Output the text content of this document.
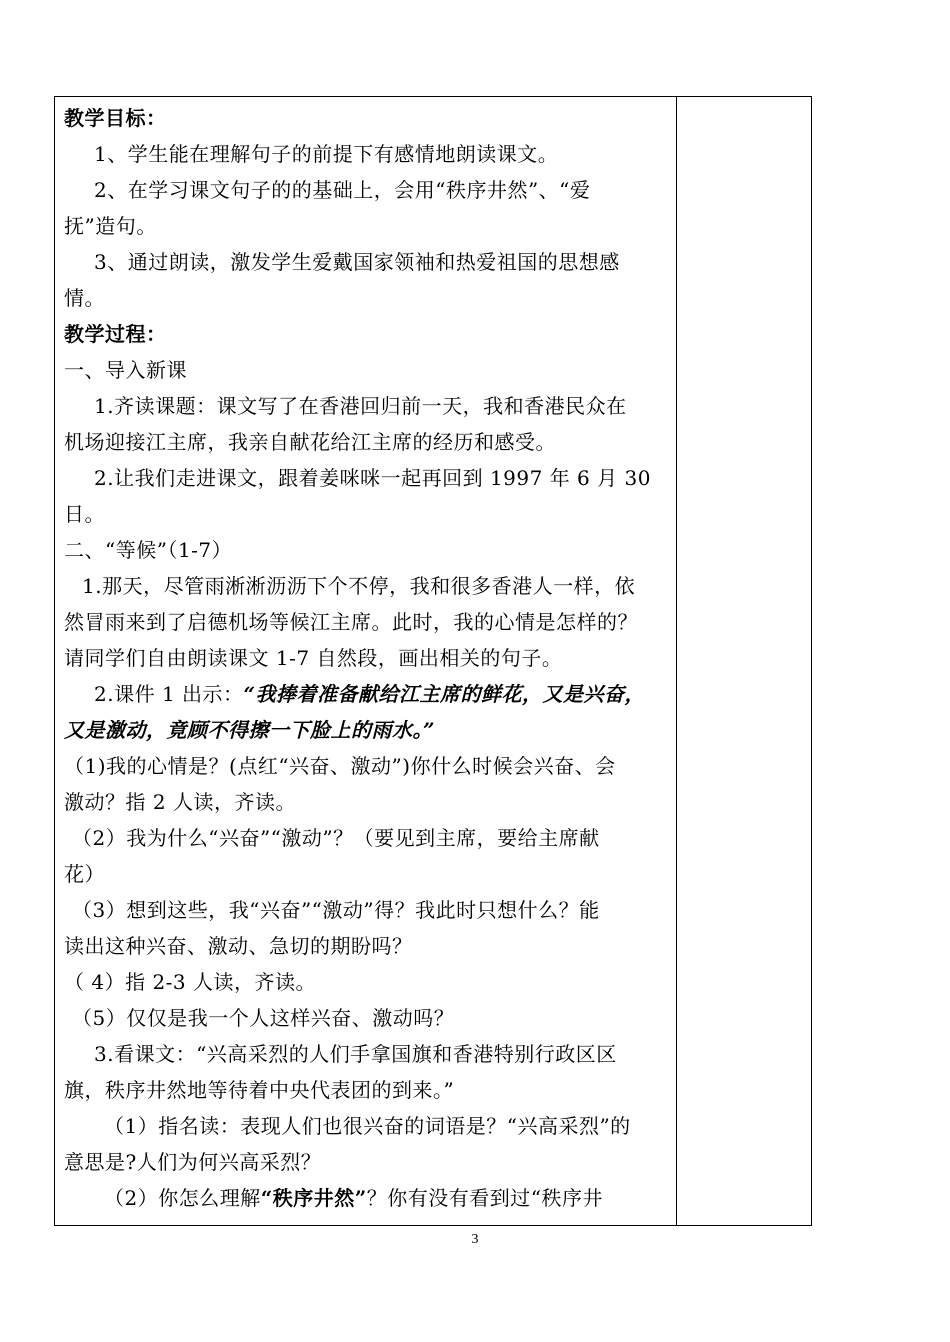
教学目标：
1、学生能在理解句子的前提下有感情地朗读课文。
2、在学习课文句子的的基础上，会用“秩序井然”、“爱
抚”造句。
3、通过朗读，激发学生爱戴国家领袖和热爱祖国的思想感
情。
教学过程：
一、导入新课
1.齐读课题：课文写了在香港回归前一天，我和香港民众在
机场迎接江主席，我亲自献花给江主席的经历和感受。
2.让我们走进课文，跟着姜咪咪一起再回到 1997 年 6 月 30
日。
二、“等候”（1-7）
1.那天，尽管雨淅淅沥沥下个不停，我和很多香港人一样，依
然冒雨来到了启德机场等候江主席。此时，我的心情是怎样的？
请同学们自由朗读课文 1-7 自然段，画出相关的句子。
2.课件 1 出示：“我捧着准备献给江主席的鲜花，又是兴奋，
又是激动，竟顾不得擦一下脸上的雨水。”
（1)我的心情是？(点红“兴奋、激动”)你什么时候会兴奋、会
激动？指 2 人读，齐读。
（2）我为什么“兴奋”“激动”？（要见到主席，要给主席献
花）
（3）想到这些，我“兴奋”“激动”得？我此时只想什么？能
读出这种兴奋、激动、急切的期盼吗？
（ 4）指 2-3 人读，齐读。
（5）仅仅是我一个人这样兴奋、激动吗？
3.看课文：“兴高采烈的人们手拿国旗和香港特别行政区区
旗，秩序井然地等待着中央代表团的到来。”
（1）指名读：表现人们也很兴奋的词语是？“兴高采烈”的
意思是?人们为何兴高采烈？
（2）你怎么理解“秩序井然”？你有没有看到过“秩序井
3
